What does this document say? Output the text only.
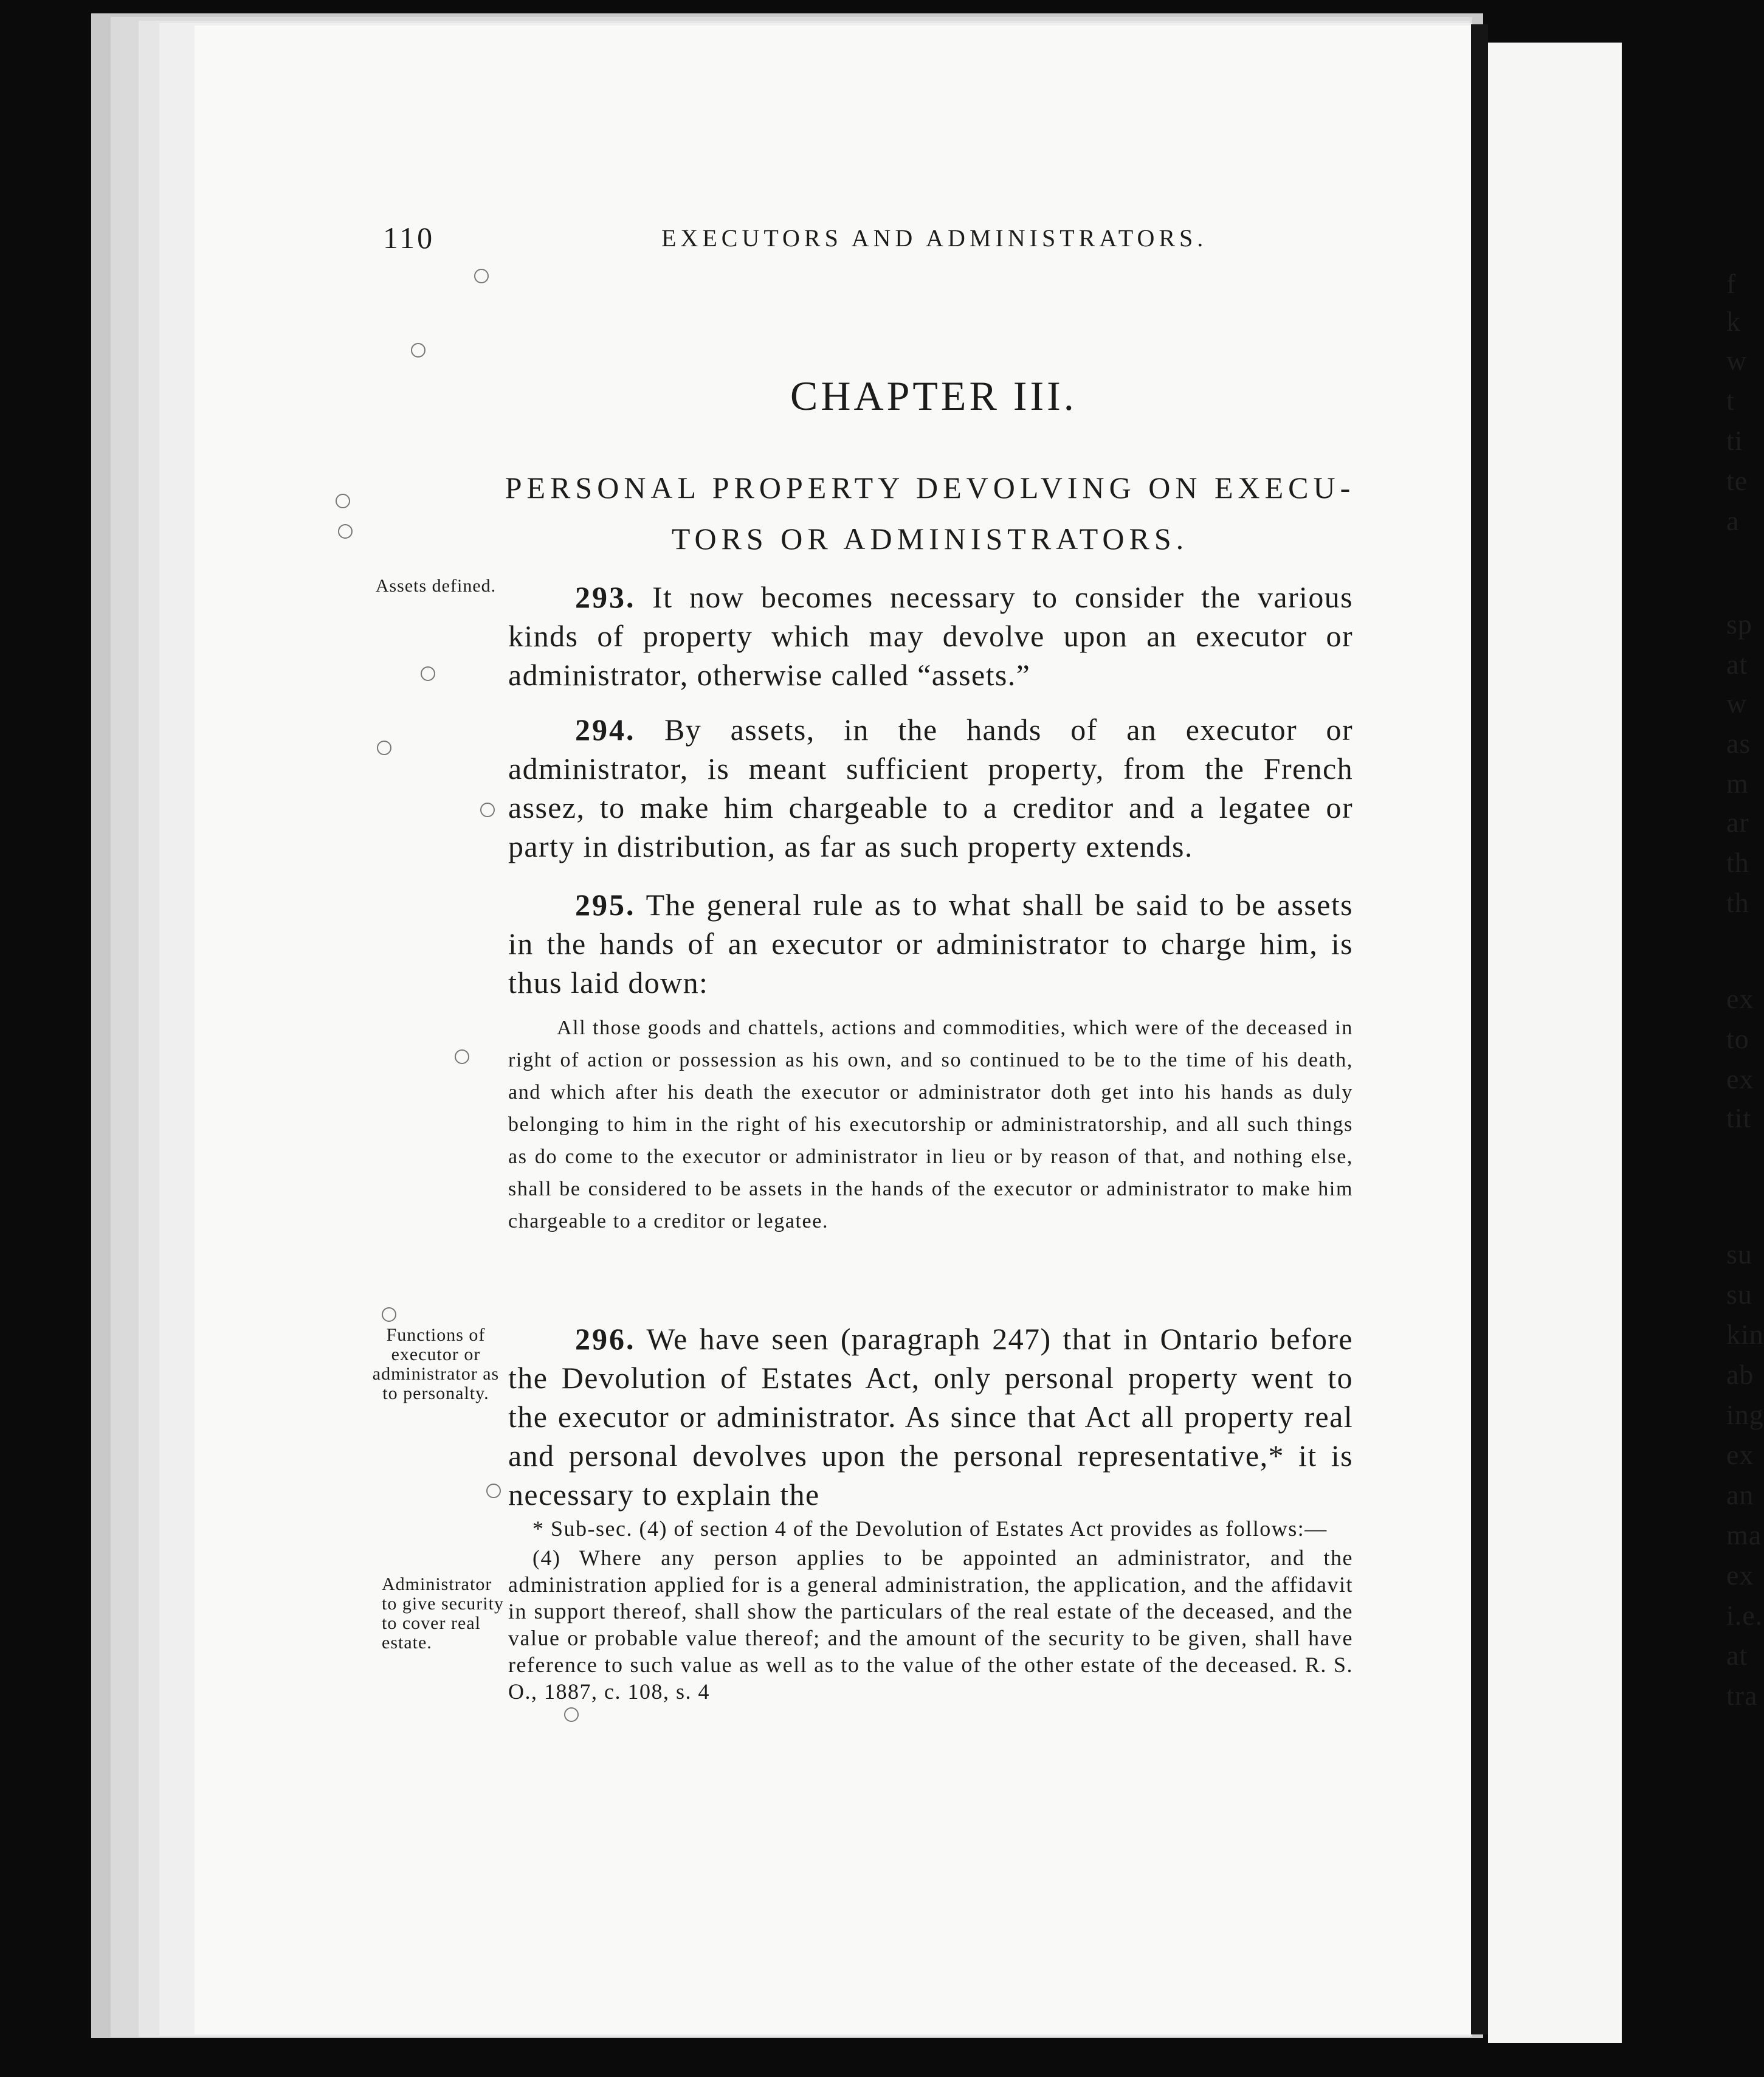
f
k
w
t
ti
te
a
sp
at
w
as
m
ar
th
th
ex
to
ex
tit
su
su
kin
ab
ing
ex
an
ma
ex
i.e.
at
tra
110	EXECUTORS AND ADMINISTRATORS.
CHAPTER III.
PERSONAL PROPERTY DEVOLVING ON EXECU-
TORS OR ADMINISTRATORS.
Assets defined.	293. It now becomes necessary to consider the various kinds of property which may devolve upon an executor or administrator, otherwise called “assets.”
294. By assets, in the hands of an executor or administrator, is meant sufficient property, from the French assez, to make him chargeable to a creditor and a legatee or party in distribution, as far as such property extends.
295. The general rule as to what shall be said to be assets in the hands of an executor or administrator to charge him, is thus laid down:
All those goods and chattels, actions and commodities, which were of the deceased in right of action or possession as his own, and so continued to be to the time of his death, and which after his death the executor or administrator doth get into his hands as duly belonging to him in the right of his executorship or administratorship, and all such things as do come to the executor or administrator in lieu or by reason of that, and nothing else, shall be considered to be assets in the hands of the executor or administrator to make him chargeable to a creditor or legatee.
Functions of executor or administrator as to personalty.
296. We have seen (paragraph 247) that in Ontario before the Devolution of Estates Act, only personal property went to the executor or administrator. As since that Act all property real and personal devolves upon the personal representative,* it is necessary to explain the

* Sub-sec. (4) of section 4 of the Devolution of Estates Act provides as follows:—

(4) Where any person applies to be appointed an administrator, and the administration applied for is a general administration, the application, and the affidavit in support thereof, shall show the particulars of the real estate of the deceased, and the value or probable value thereof; and the amount of the security to be given, shall have reference to such value as well as to the value of the other estate of the deceased. R. S. O., 1887, c. 108, s. 4

Administrator to give security to cover real estate.
